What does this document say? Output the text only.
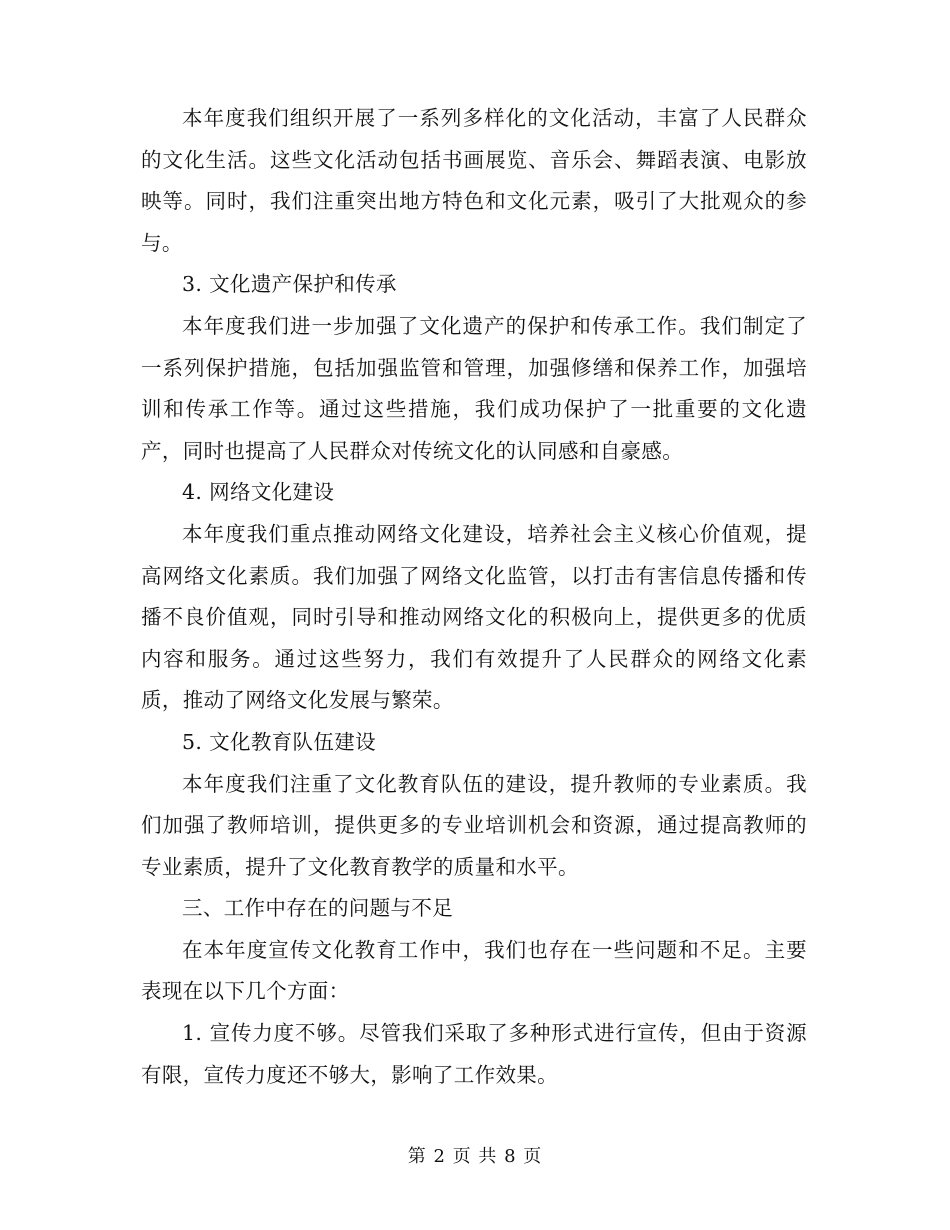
本年度我们组织开展了一系列多样化的文化活动，丰富了人民群众的文化生活。这些文化活动包括书画展览、音乐会、舞蹈表演、电影放映等。同时，我们注重突出地方特色和文化元素，吸引了大批观众的参与。

3. 文化遗产保护和传承

本年度我们进一步加强了文化遗产的保护和传承工作。我们制定了一系列保护措施，包括加强监管和管理，加强修缮和保养工作，加强培训和传承工作等。通过这些措施，我们成功保护了一批重要的文化遗产，同时也提高了人民群众对传统文化的认同感和自豪感。

4. 网络文化建设

本年度我们重点推动网络文化建设，培养社会主义核心价值观，提高网络文化素质。我们加强了网络文化监管，以打击有害信息传播和传播不良价值观，同时引导和推动网络文化的积极向上，提供更多的优质内容和服务。通过这些努力，我们有效提升了人民群众的网络文化素质，推动了网络文化发展与繁荣。

5. 文化教育队伍建设

本年度我们注重了文化教育队伍的建设，提升教师的专业素质。我们加强了教师培训，提供更多的专业培训机会和资源，通过提高教师的专业素质，提升了文化教育教学的质量和水平。

三、工作中存在的问题与不足

在本年度宣传文化教育工作中，我们也存在一些问题和不足。主要表现在以下几个方面：

1. 宣传力度不够。尽管我们采取了多种形式进行宣传，但由于资源有限，宣传力度还不够大，影响了工作效果。

第 2 页 共 8 页
